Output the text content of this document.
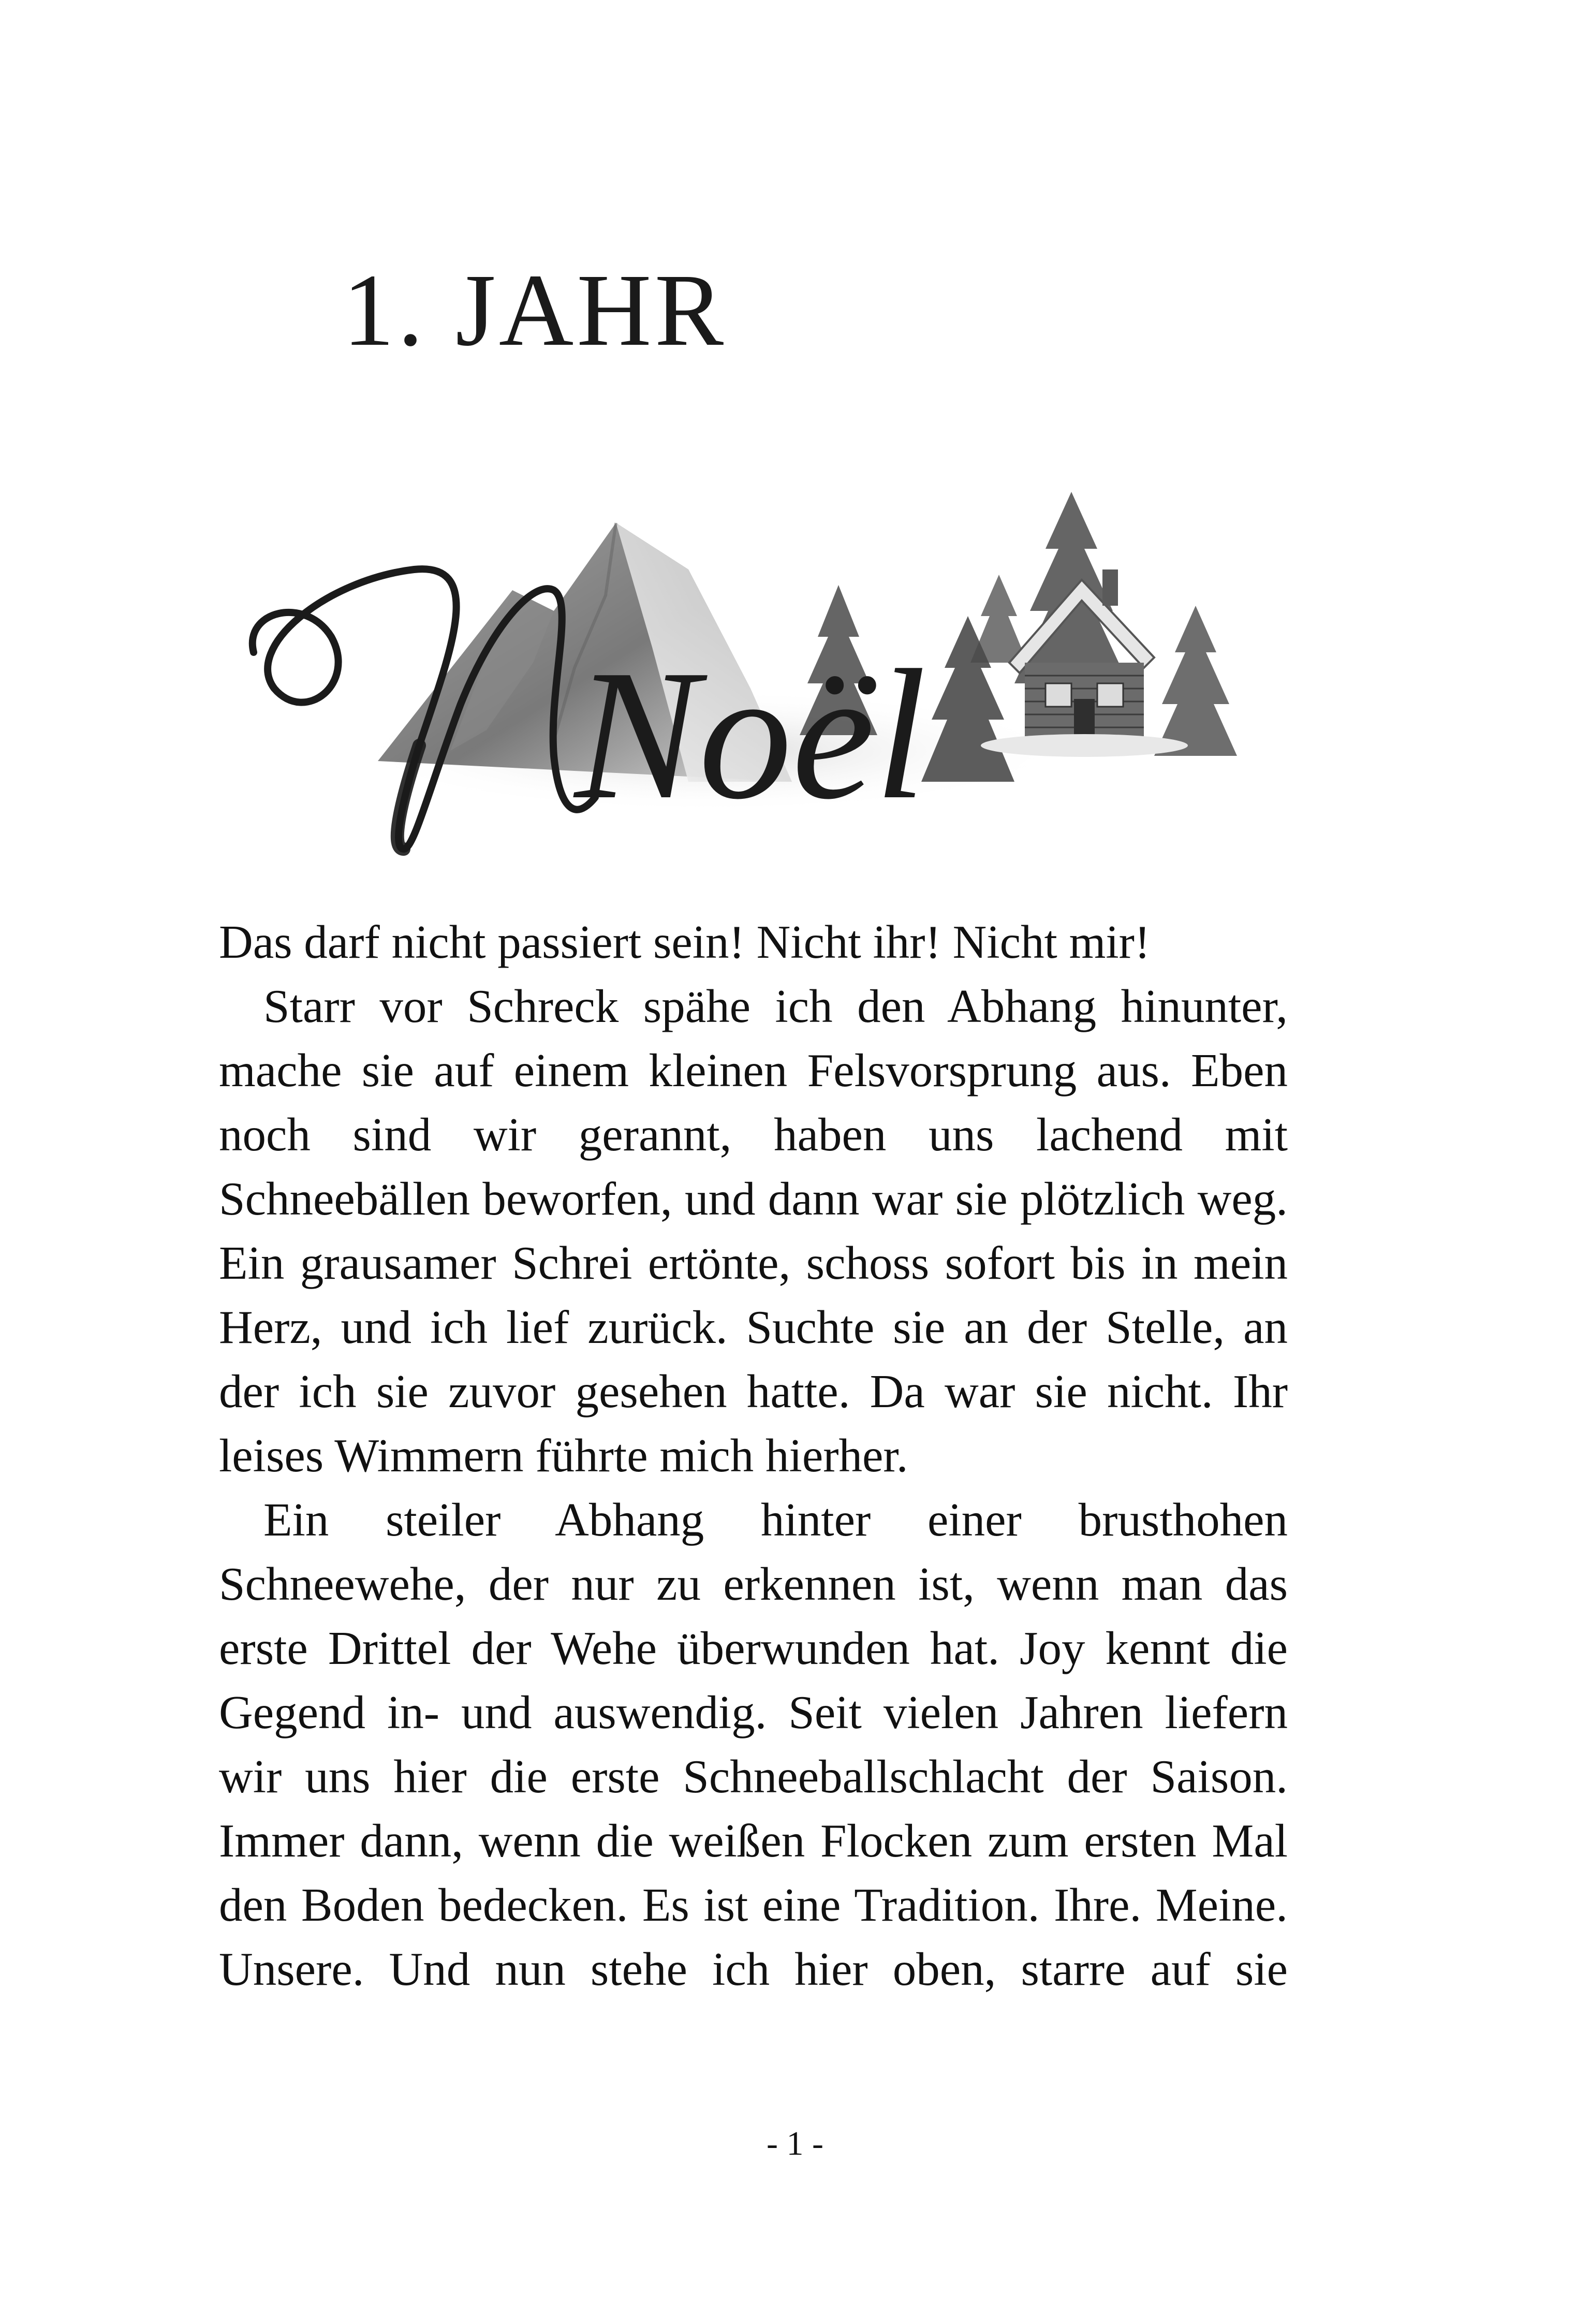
1. JAHR
Noël

Das darf nicht passiert sein! Nicht ihr! Nicht mir!

Starr vor Schreck spähe ich den Abhang hinunter, mache sie auf einem kleinen Felsvorsprung aus. Eben noch sind wir gerannt, haben uns lachend mit Schneebällen beworfen, und dann war sie plötzlich weg. Ein grausamer Schrei ertönte, schoss sofort bis in mein Herz, und ich lief zurück. Suchte sie an der Stelle, an der ich sie zuvor gesehen hatte. Da war sie nicht. Ihr leises Wimmern führte mich hierher.

Ein steiler Abhang hinter einer brusthohen Schneewehe, der nur zu erkennen ist, wenn man das erste Drittel der Wehe überwunden hat. Joy kennt die Gegend in- und auswendig. Seit vielen Jahren liefern wir uns hier die erste Schneeballschlacht der Saison. Immer dann, wenn die weißen Flocken zum ersten Mal den Boden bedecken. Es ist eine Tradition. Ihre. Meine. Unsere. Und nun stehe ich hier oben, starre auf sie

- 1 -
